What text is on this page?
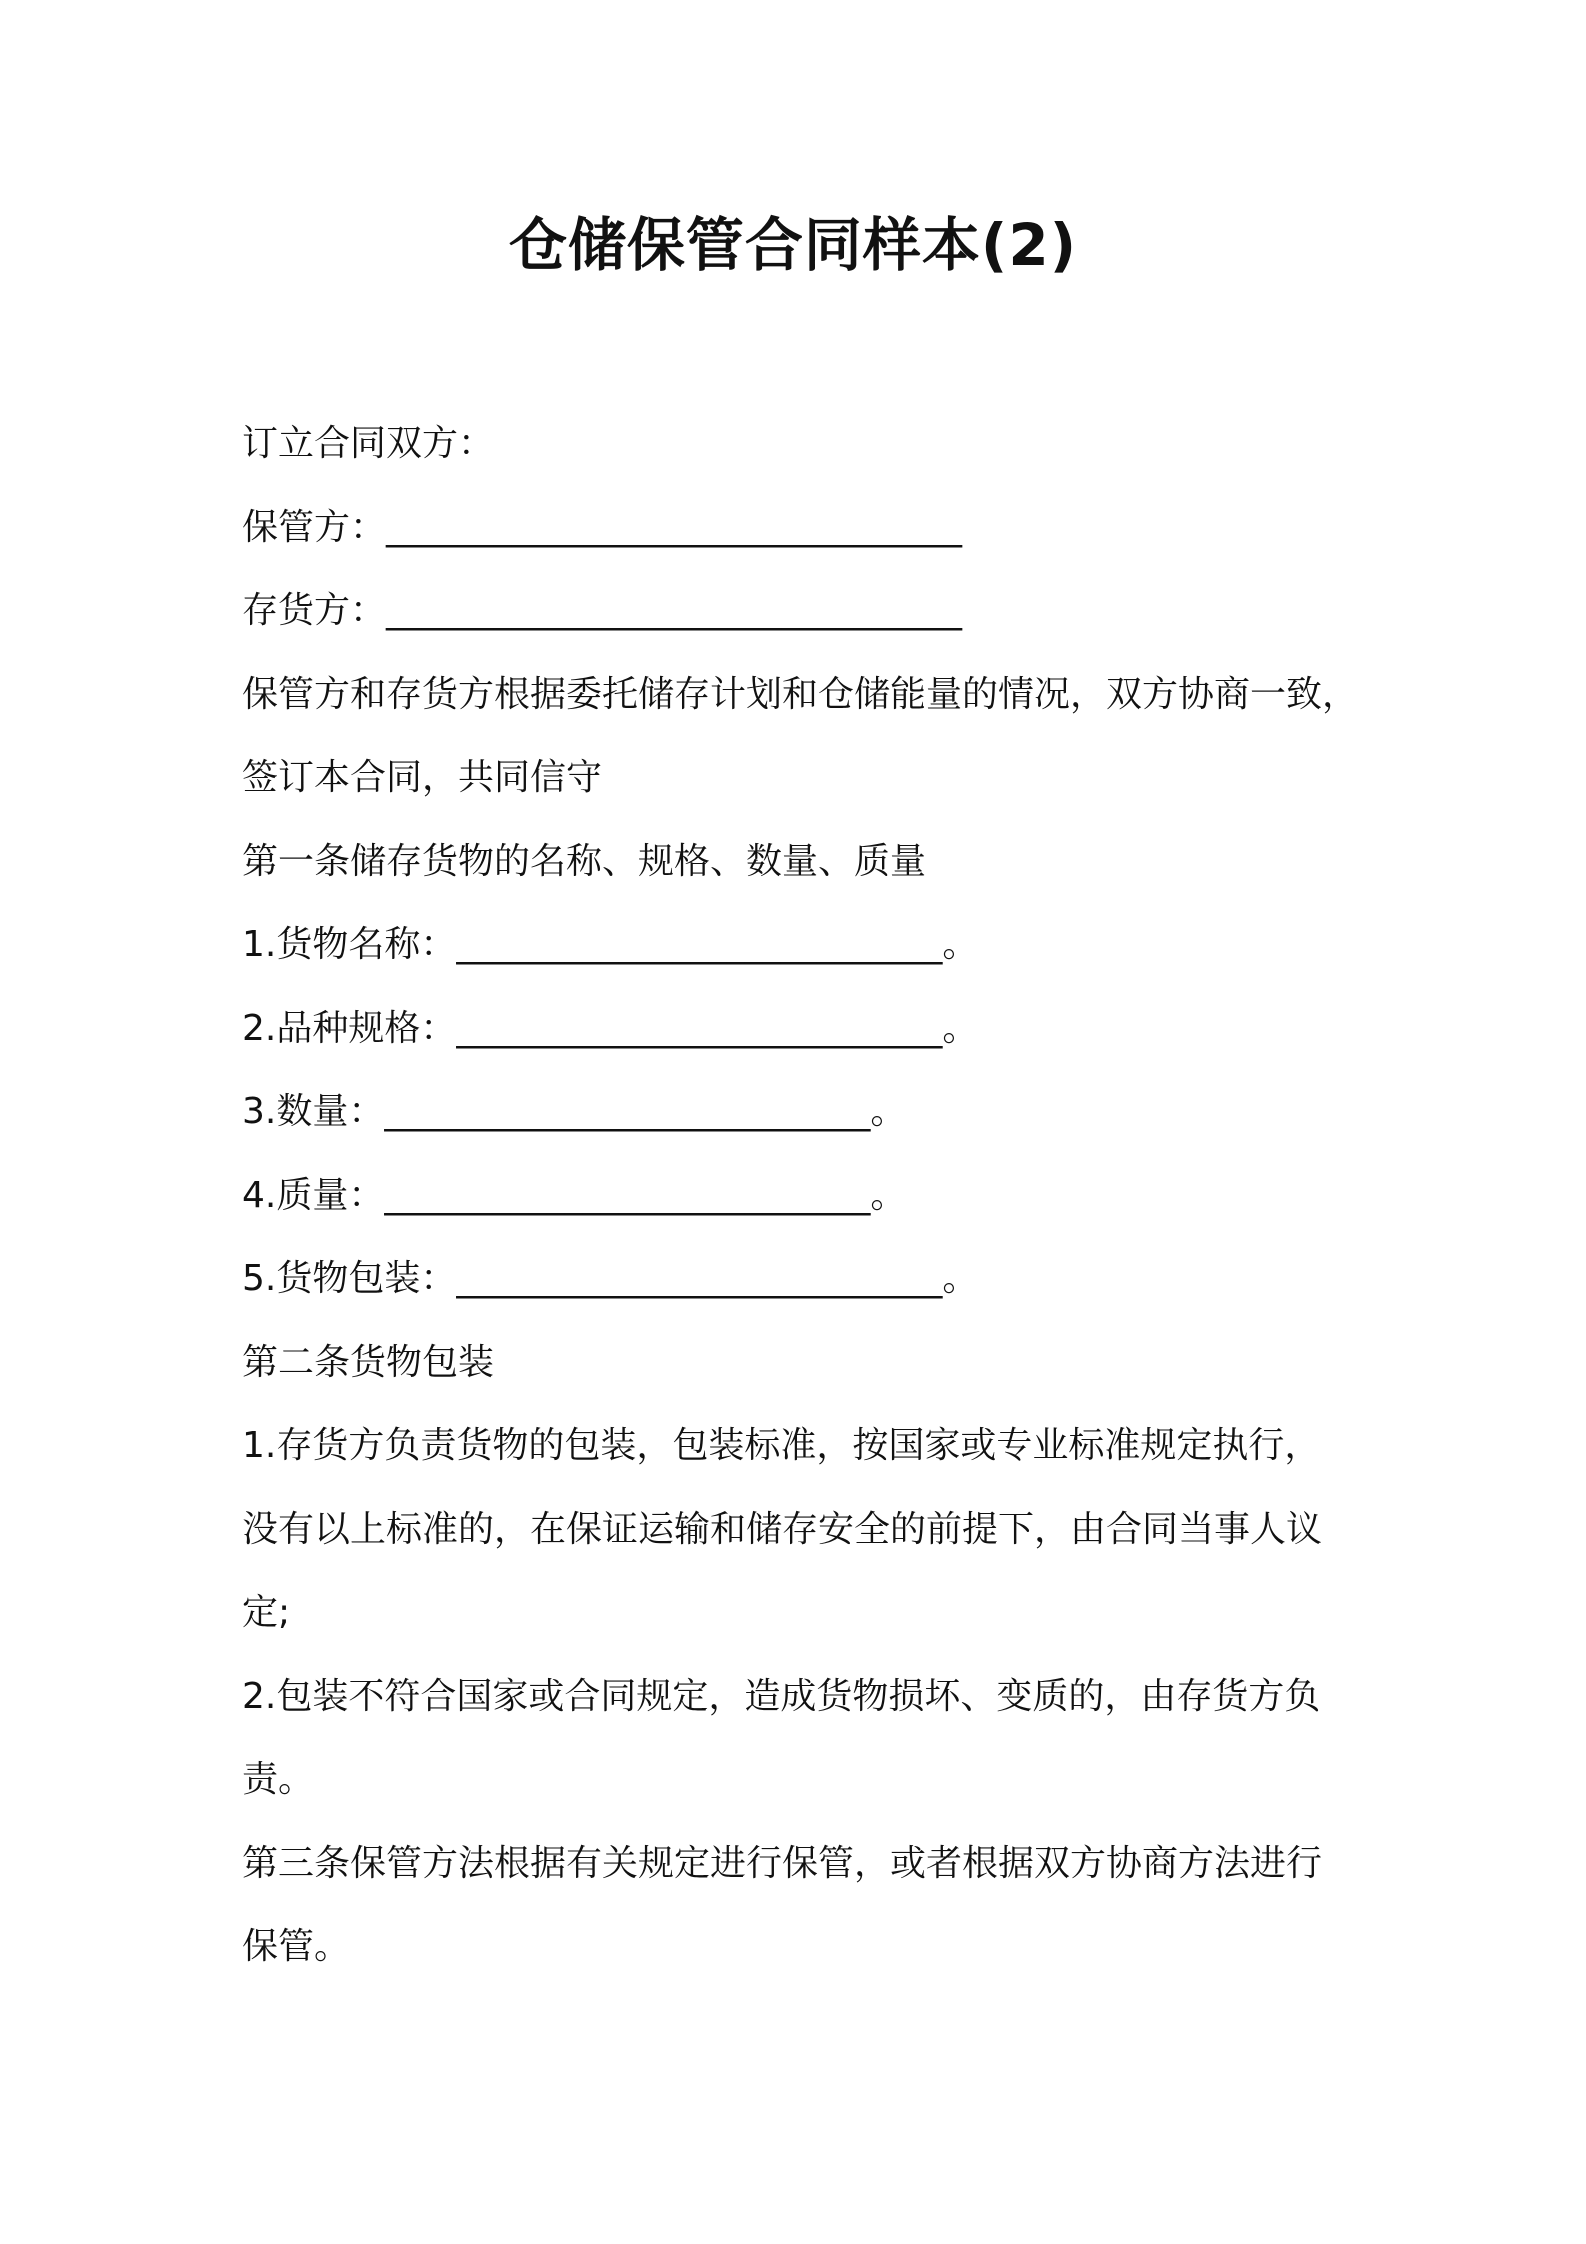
仓储保管合同样本(2)
订立合同双方：
保管方：________________________________
存货方：________________________________
保管方和存货方根据委托储存计划和仓储能量的情况，双方协商一致，
签订本合同，共同信守
第一条储存货物的名称、规格、数量、质量
1.货物名称：___________________________。
2.品种规格：___________________________。
3.数量：___________________________。
4.质量：___________________________。
5.货物包装：___________________________。
第二条货物包装
1.存货方负责货物的包装，包装标准，按国家或专业标准规定执行，
没有以上标准的，在保证运输和储存安全的前提下，由合同当事人议
定;
2.包装不符合国家或合同规定，造成货物损坏、变质的，由存货方负
责。
第三条保管方法根据有关规定进行保管，或者根据双方协商方法进行
保管。
